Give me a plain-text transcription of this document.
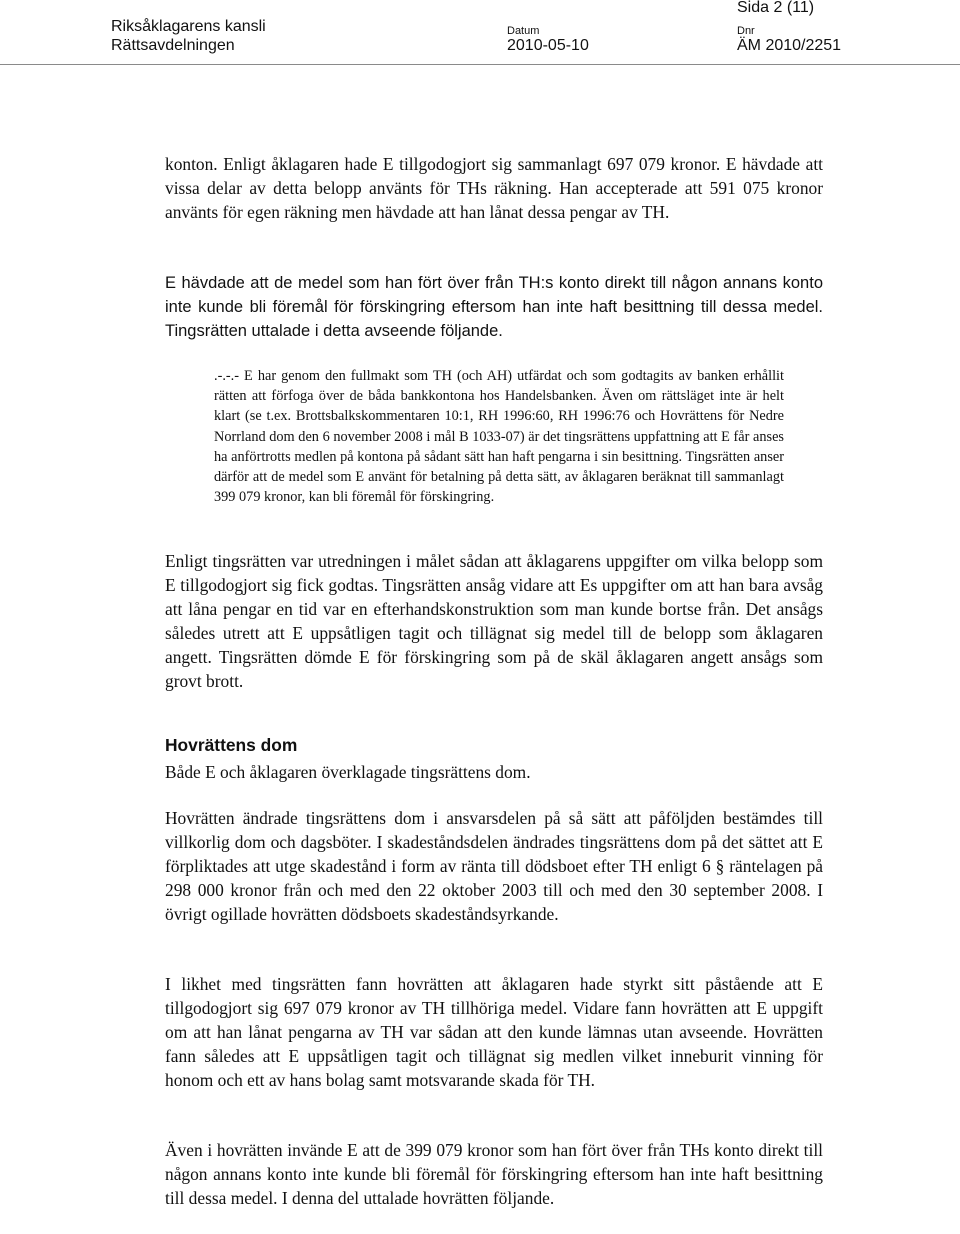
Riksåklagarens kansli
Rättsavdelningen
Datum
2010-05-10
Dnr
ÄM 2010/2251
Sida 2 (11)

konton. Enligt åklagaren hade E tillgodogjort sig sammanlagt 697 079 kronor. E hävdade att vissa delar av detta belopp använts för THs räkning. Han accepterade att 591 075 kronor använts för egen räkning men hävdade att han lånat dessa pengar av TH.

E hävdade att de medel som han fört över från TH:s konto direkt till någon annans konto inte kunde bli föremål för förskingring eftersom han inte haft besittning till dessa medel. Tingsrätten uttalade i detta avseende följande.

.-.-.- E har genom den fullmakt som TH (och AH) utfärdat och som godtagits av banken erhållit rätten att förfoga över de båda bankkontona hos Handelsbanken. Även om rättsläget inte är helt klart (se t.ex. Brottsbalkskommentaren 10:1, RH 1996:60, RH 1996:76 och Hovrättens för Nedre Norrland dom den 6 november 2008 i mål B 1033-07) är det tingsrättens uppfattning att E får anses ha anförtrotts medlen på kontona på sådant sätt han haft pengarna i sin besittning. Tingsrätten anser därför att de medel som E använt för betalning på detta sätt, av åklagaren beräknat till sammanlagt 399 079 kronor, kan bli föremål för förskingring.

Enligt tingsrätten var utredningen i målet sådan att åklagarens uppgifter om vilka belopp som E tillgodogjort sig fick godtas. Tingsrätten ansåg vidare att Es uppgifter om att han bara avsåg att låna pengar en tid var en efterhandskonstruktion som man kunde bortse från. Det ansågs således utrett att E uppsåtligen tagit och tillägnat sig medel till de belopp som åklagaren angett. Tingsrätten dömde E för förskingring som på de skäl åklagaren angett ansågs som grovt brott.

Hovrättens dom

Både E och åklagaren överklagade tingsrättens dom.

Hovrätten ändrade tingsrättens dom i ansvarsdelen på så sätt att påföljden bestämdes till villkorlig dom och dagsböter. I skadeståndsdelen ändrades tingsrättens dom på det sättet att E förpliktades att utge skadestånd i form av ränta till dödsboet efter TH enligt 6 § räntelagen på 298 000 kronor från och med den 22 oktober 2003 till och med den 30 september 2008. I övrigt ogillade hovrätten dödsboets skadeståndsyrkande.

I likhet med tingsrätten fann hovrätten att åklagaren hade styrkt sitt påstående att E tillgodogjort sig 697 079 kronor av TH tillhöriga medel. Vidare fann hovrätten att E uppgift om att han lånat pengarna av TH var sådan att den kunde lämnas utan avseende. Hovrätten fann således att E uppsåtligen tagit och tillägnat sig medlen vilket inneburit vinning för honom och ett av hans bolag samt motsvarande skada för TH.

Även i hovrätten invände E att de 399 079 kronor som han fört över från THs konto direkt till någon annans konto inte kunde bli föremål för förskingring eftersom han inte haft besittning till dessa medel. I denna del uttalade hovrätten följande.
